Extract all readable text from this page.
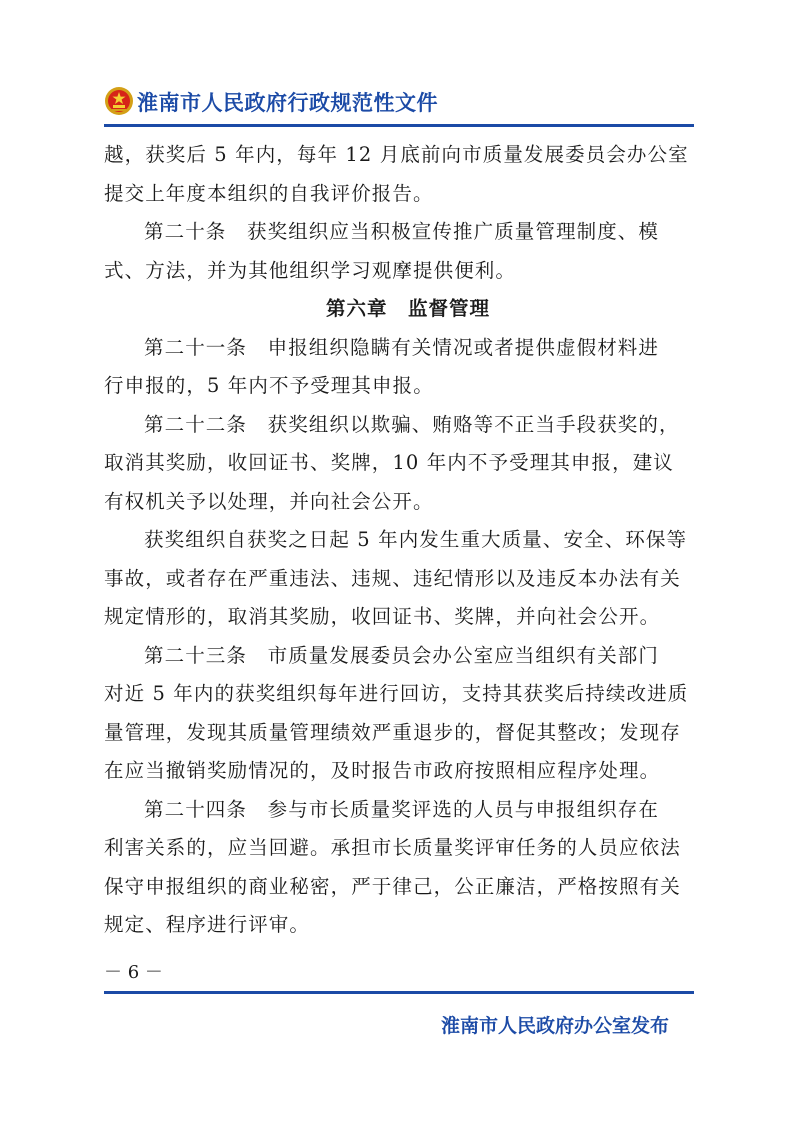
淮南市人民政府行政规范性文件
越，获奖后 5 年内，每年 12 月底前向市质量发展委员会办公室
提交上年度本组织的自我评价报告。
第二十条　获奖组织应当积极宣传推广质量管理制度、模
式、方法，并为其他组织学习观摩提供便利。
第六章　监督管理
第二十一条　申报组织隐瞒有关情况或者提供虚假材料进
行申报的，5 年内不予受理其申报。
第二十二条　获奖组织以欺骗、贿赂等不正当手段获奖的，
取消其奖励，收回证书、奖牌，10 年内不予受理其申报，建议
有权机关予以处理，并向社会公开。
获奖组织自获奖之日起 5 年内发生重大质量、安全、环保等
事故，或者存在严重违法、违规、违纪情形以及违反本办法有关
规定情形的，取消其奖励，收回证书、奖牌，并向社会公开。
第二十三条　市质量发展委员会办公室应当组织有关部门
对近 5 年内的获奖组织每年进行回访，支持其获奖后持续改进质
量管理，发现其质量管理绩效严重退步的，督促其整改；发现存
在应当撤销奖励情况的，及时报告市政府按照相应程序处理。
第二十四条　参与市长质量奖评选的人员与申报组织存在
利害关系的，应当回避。承担市长质量奖评审任务的人员应依法
保守申报组织的商业秘密，严于律己，公正廉洁，严格按照有关
规定、程序进行评审。
－ 6 －
淮南市人民政府办公室发布
